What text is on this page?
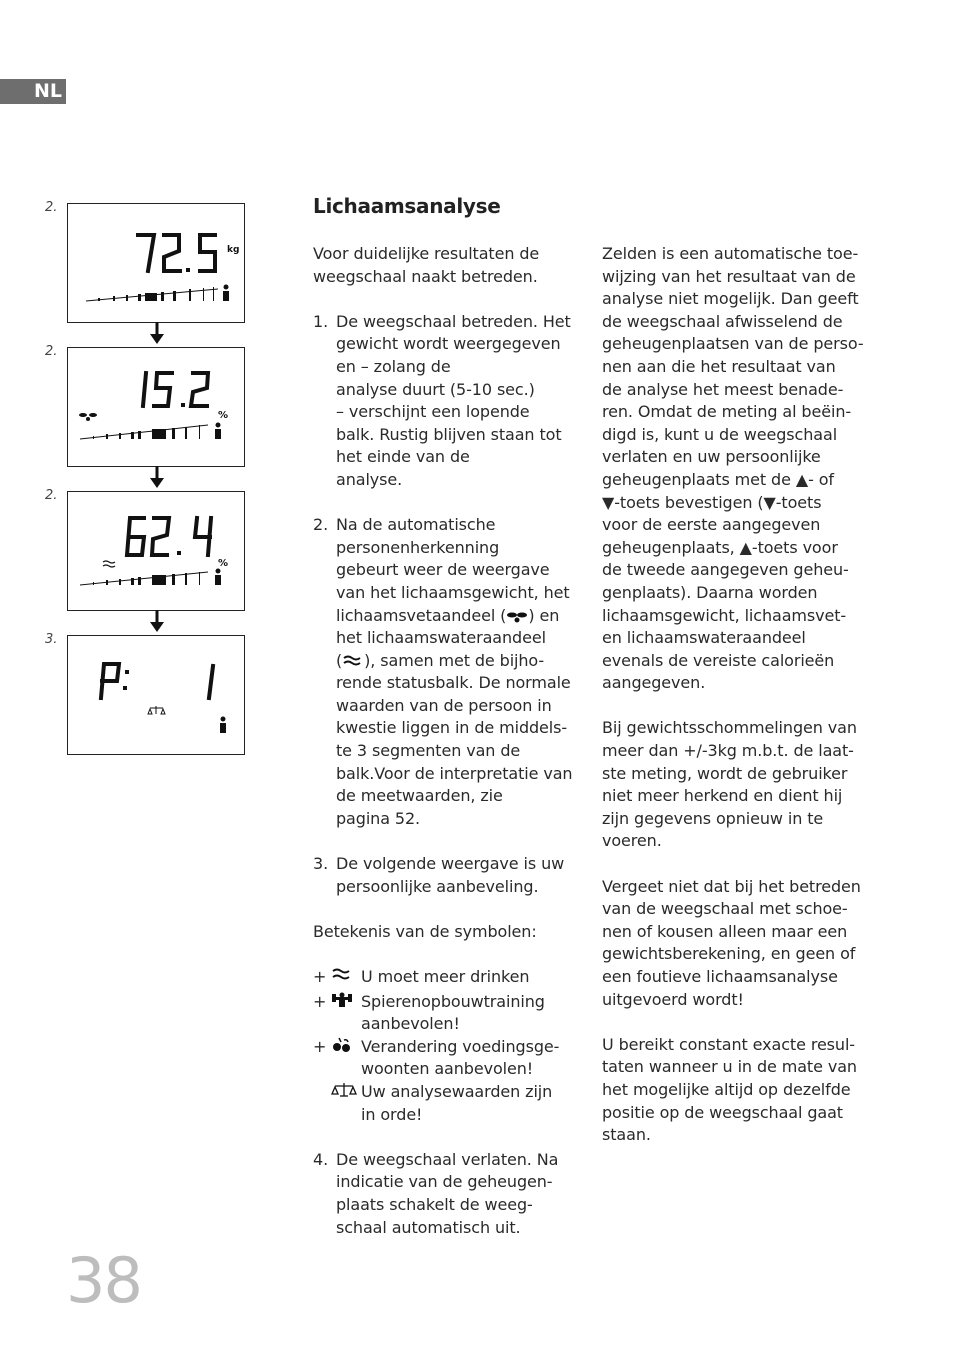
NL
2.
kg
2.
%
2.
%
3.
Lichaamsanalyse
Voor duidelijke resultaten de
weegschaal naakt betreden.
1. De weegschaal betreden. Het
gewicht wordt weergegeven
en – zolang de
analyse duurt (5-10 sec.)
– verschijnt een lopende
balk. Rustig blijven staan tot
het einde van de
analyse.
2. Na de automatische
personenherkenning
gebeurt weer de weergave
van het lichaamsgewicht, het
lichaamsvetaandeel ( ) en
het lichaamswateraandeel
( ), samen met de bijho-
rende statusbalk. De normale
waarden van de persoon in
kwestie liggen in de middels-
te 3 segmenten van de
balk.Voor de interpretatie van
de meetwaarden, zie
pagina 52.
3. De volgende weergave is uw
persoonlijke aanbeveling.
Betekenis van de symbolen:
+ U moet meer drinken
+ Spierenopbouwtraining
aanbevolen!
+ Verandering voedingsge-
woonten aanbevolen!
Uw analysewaarden zijn
in orde!
4. De weegschaal verlaten. Na
indicatie van de geheugen-
plaats schakelt de weeg-
schaal automatisch uit.
Zelden is een automatische toe-
wijzing van het resultaat van de
analyse niet mogelijk. Dan geeft
de weegschaal afwisselend de
geheugenplaatsen van de perso-
nen aan die het resultaat van
de analyse het meest benade-
ren. Omdat de meting al beëin-
digd is, kunt u de weegschaal
verlaten en uw persoonlijke
geheugenplaats met de ▲- of
▼-toets bevestigen (▼-toets
voor de eerste aangegeven
geheugenplaats, ▲-toets voor
de tweede aangegeven geheu-
genplaats). Daarna worden
lichaamsgewicht, lichaamsvet-
en lichaamswateraandeel
evenals de vereiste calorieën
aangegeven.
Bij gewichtsschommelingen van
meer dan +/-3kg m.b.t. de laat-
ste meting, wordt de gebruiker
niet meer herkend en dient hij
zijn gegevens opnieuw in te
voeren.
Vergeet niet dat bij het betreden
van de weegschaal met schoe-
nen of kousen alleen maar een
gewichtsberekening, en geen of
een foutieve lichaamsanalyse
uitgevoerd wordt!
U bereikt constant exacte resul-
taten wanneer u in de mate van
het mogelijke altijd op dezelfde
positie op de weegschaal gaat
staan.
38
